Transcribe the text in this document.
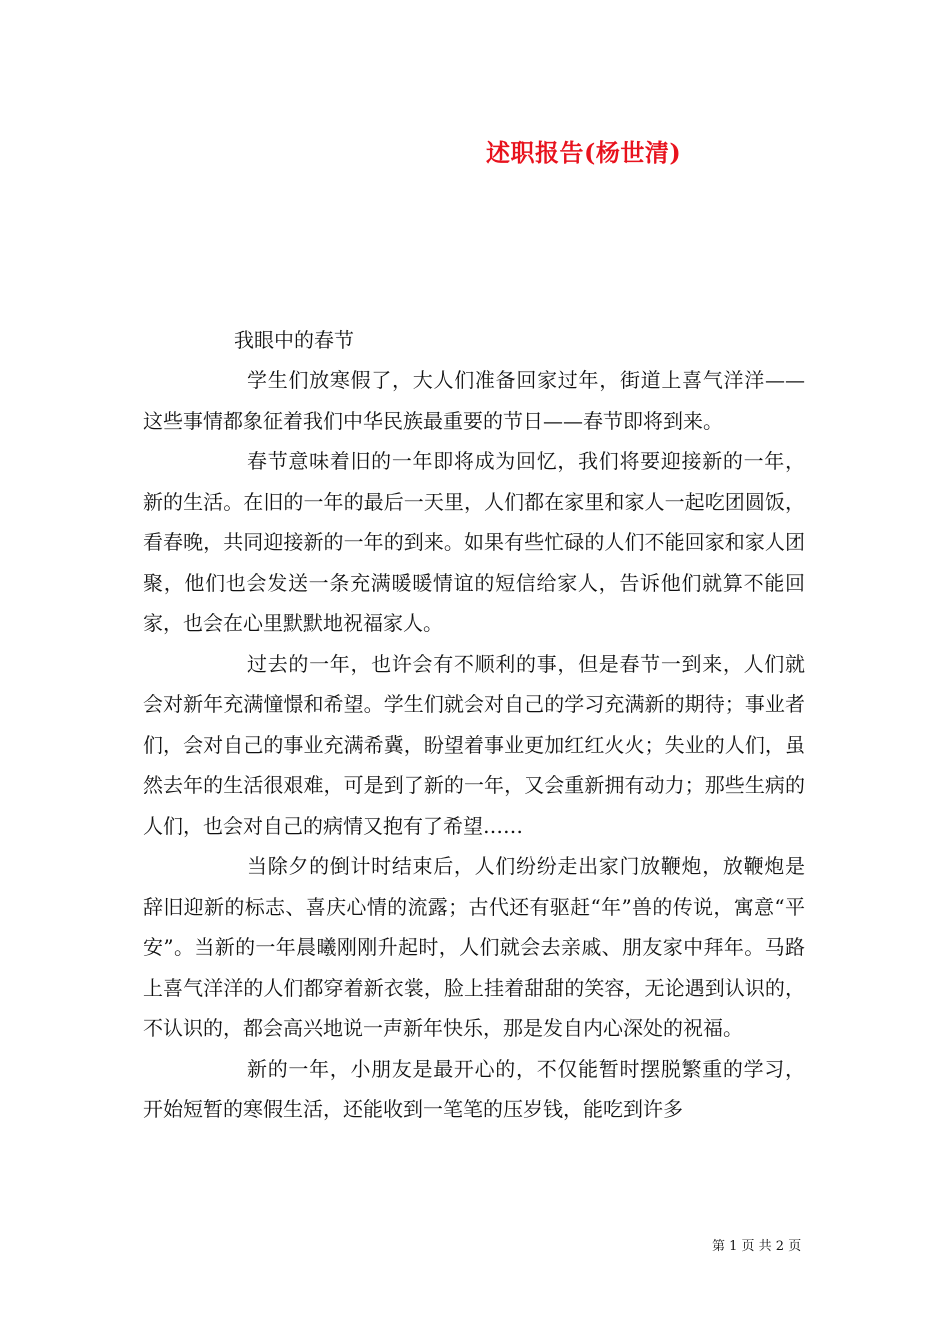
述职报告(杨世清)
我眼中的春节

学生们放寒假了，大人们准备回家过年，街道上喜气洋洋——这些事情都象征着我们中华民族最重要的节日——春节即将到来。

春节意味着旧的一年即将成为回忆，我们将要迎接新的一年，新的生活。在旧的一年的最后一天里，人们都在家里和家人一起吃团圆饭，看春晚，共同迎接新的一年的到来。如果有些忙碌的人们不能回家和家人团聚，他们也会发送一条充满暖暖情谊的短信给家人，告诉他们就算不能回家，也会在心里默默地祝福家人。

过去的一年，也许会有不顺利的事，但是春节一到来，人们就会对新年充满憧憬和希望。学生们就会对自己的学习充满新的期待；事业者们，会对自己的事业充满希冀，盼望着事业更加红红火火；失业的人们，虽然去年的生活很艰难，可是到了新的一年，又会重新拥有动力；那些生病的人们，也会对自己的病情又抱有了希望……

当除夕的倒计时结束后，人们纷纷走出家门放鞭炮，放鞭炮是辞旧迎新的标志、喜庆心情的流露；古代还有驱赶“年”兽的传说，寓意“平安”。当新的一年晨曦刚刚升起时，人们就会去亲戚、朋友家中拜年。马路上喜气洋洋的人们都穿着新衣裳，脸上挂着甜甜的笑容，无论遇到认识的，不认识的，都会高兴地说一声新年快乐，那是发自内心深处的祝福。

新的一年，小朋友是最开心的，不仅能暂时摆脱繁重的学习，开始短暂的寒假生活，还能收到一笔笔的压岁钱，能吃到许多

第 1 页 共 2 页
